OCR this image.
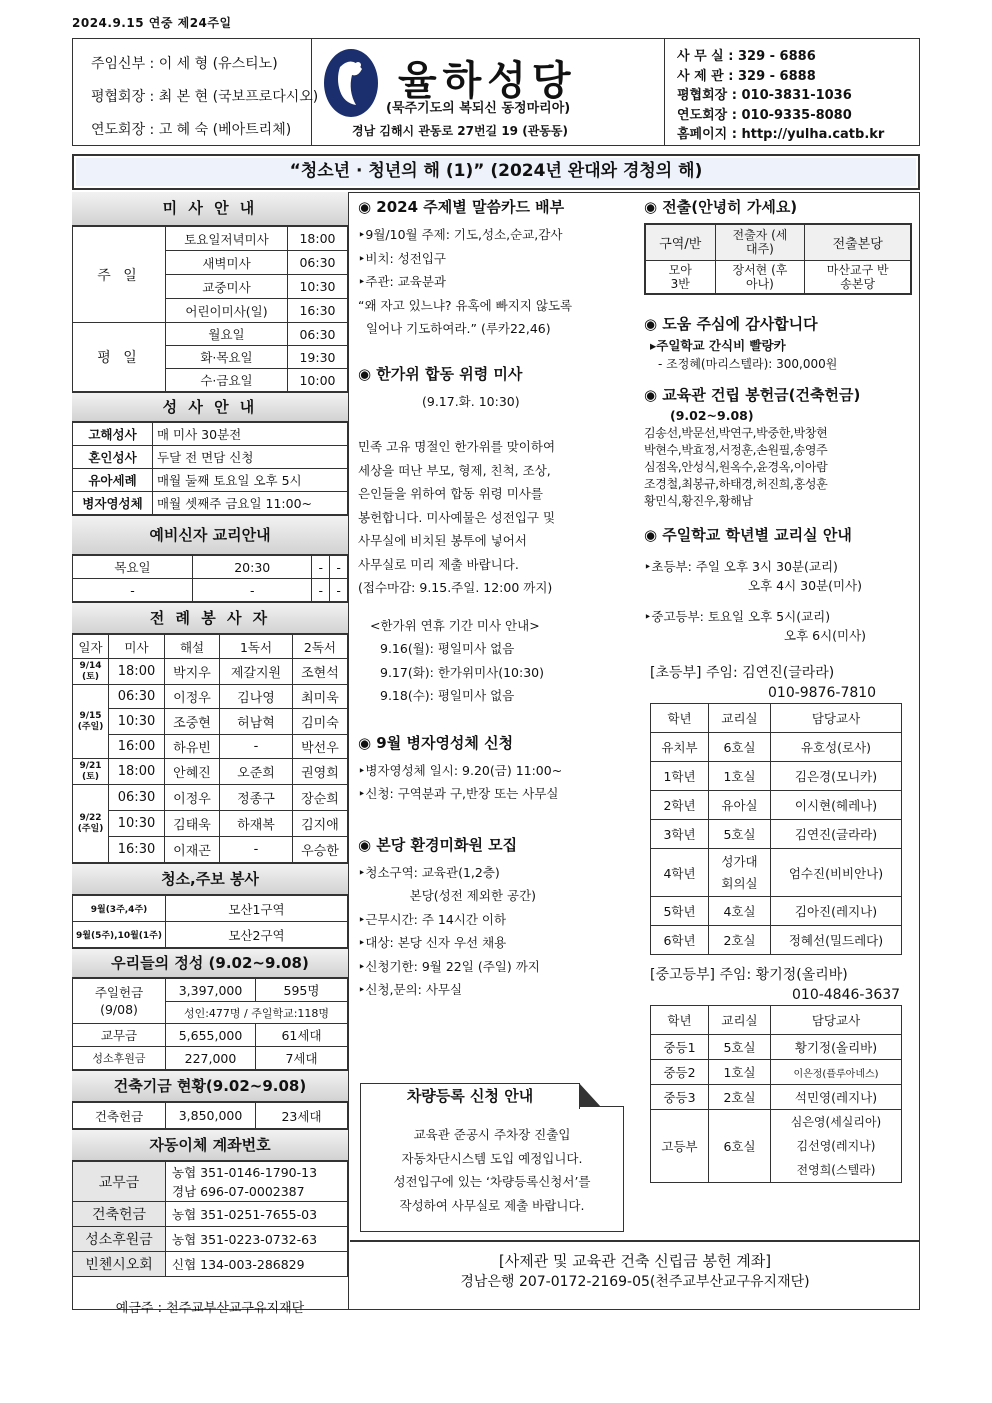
2024.9.15 연중 제24주일
주임신부 : 이 세 형 (유스티노)
평협회장 : 최 본 현 (국보프로다시오)
연도회장 : 고 혜 숙 (베아트리체)
율하성당
(묵주기도의 복되신 동정마리아)
경남 김해시 관동로 27번길 19 (관동동)
사 무 실 : 329 - 6886
사 제 관 : 329 - 6888
평협회장 : 010-3831-1036
연도회장 : 010-9335-8080
홈페이지 : http://yulha.catb.kr
“청소년 · 청년의 해 (1)” (2024년 완대와 경청의 해)
미 사 안 내
주 일	토요일저녁미사	18:00
	새벽미사	06:30
	교중미사	10:30
	어린이미사(일)	16:30
평 일	월요일	06:30
	화·목요일	19:30
	수·금요일	10:00
성 사 안 내
고해성사	매 미사 30분전
혼인성사	두달 전 면담 신청
유아세례	매월 둘째 토요일 오후 5시
병자영성체	매월 셋째주 금요일 11:00~
예비신자 교리안내
목요일	20:30	-	-
-	-	-	-
전 례 봉 사 자
일자	미사	해설	1독서	2독서
9/14 (토)	18:00	박지우	제갈지원	조현석
9/15 (주일)	06:30	이정우	김나영	최미욱
	10:30	조중현	허남혁	김미숙
	16:00	하유빈	-	박선우
9/21 (토)	18:00	안혜진	오준희	권영희
9/22 (주일)	06:30	이정우	정종구	장순희
	10:30	김태욱	하재복	김지애
	16:30	이재곤	-	우승한
청소,주보 봉사
9월(3주,4주)	모산1구역
9월(5주),10월(1주)	모산2구역
우리들의 정성 (9.02~9.08)
주일헌금 (9/08)	3,397,000	595명
	성인:477명 / 주일학교:118명	
교무금	5,655,000	61세대
성소후원금	227,000	7세대
건축기금 현황(9.02~9.08)
건축헌금	3,850,000	23세대
자동이체 계좌번호
교무금	농협 351-0146-1790-13
	경남 696-07-0002387
건축헌금	농협 351-0251-7655-03
성소후원금	농협 351-0223-0732-63
빈첸시오회	신협 134-003-286829
예금주 : 천주교부산교구유지재단
◉ 2024 주제별 말씀카드 배부
‣9월/10월 주제: 기도,성소,순교,감사
‣비치: 성전입구
‣주관: 교육분과
“왜 자고 있느냐? 유혹에 빠지지 않도록
일어나 기도하여라.” (루카22,46)
◉ 한가위 합동 위령 미사
(9.17.화. 10:30)
민족 고유 명절인 한가위를 맞이하여
세상을 떠난 부모, 형제, 친척, 조상,
은인들을 위하여 합동 위령 미사를
봉헌합니다. 미사예물은 성전입구 및
사무실에 비치된 봉투에 넣어서
사무실로 미리 제출 바랍니다.
(접수마감: 9.15.주일. 12:00 까지)
<한가위 연휴 기간 미사 안내>
9.16(월): 평일미사 없음
9.17(화): 한가위미사(10:30)
9.18(수): 평일미사 없음
◉ 9월 병자영성체 신청
‣병자영성체 일시: 9.20(금) 11:00~
‣신청: 구역분과 구,반장 또는 사무실
◉ 본당 환경미화원 모집
‣청소구역: 교육관(1,2층)
본당(성전 제외한 공간)
‣근무시간: 주 14시간 이하
‣대상: 본당 신자 우선 채용
‣신청기한: 9월 22일 (주일) 까지
‣신청,문의: 사무실
차량등록 신청 안내
교육관 준공시 주차장 진출입
자동차단시스템 도입 예정입니다.
성전입구에 있는 ‘차량등록신청서’를
작성하여 사무실로 제출 바랍니다.
◉ 전출(안녕히 가세요)
구역/반	전출자 (세대주)	전출본당
모아 3반	장서현 (후아나)	마산교구 반송본당
◉ 도움 주심에 감사합니다
▸주일학교 간식비 빨랑카
- 조정혜(마리스텔라): 300,000원
◉ 교육관 건립 봉헌금(건축헌금)
(9.02~9.08)
김송선,박문선,박연구,박중한,박창현
박현수,박효정,서정훈,손원필,송영주
심점옥,안성식,원옥수,윤경옥,이아람
조경철,최봉규,하태경,허진희,홍성훈
황민식,황진우,황해남
◉ 주일학교 학년별 교리실 안내
‣초등부: 주일 오후 3시 30분(교리)
오후 4시 30분(미사)
‣중고등부: 토요일 오후 5시(교리)
오후 6시(미사)
[초등부] 주임: 김연진(글라라)
010-9876-7810
학년	교리실	담당교사
유치부	6호실	유호성(로사)
1학년	1호실	김은경(모니카)
2학년	유아실	이시현(헤레나)
3학년	5호실	김연진(글라라)
4학년	성가대 회의실	엄수진(비비안나)
5학년	4호실	김아진(레지나)
6학년	2호실	정혜선(밀드레다)
[중고등부] 주임: 황기정(올리바)
010-4846-3637
학년	교리실	담당교사
중등1	5호실	황기정(올리바)
중등2	1호실	이은정(플루아네스)
중등3	2호실	석민영(레지나)
고등부	6호실	심은영(세실리아)
김선영(레지나)
전영희(스텔라)
[사제관 및 교육관 건축 신립금 봉헌 계좌]
경남은행 207-0172-2169-05(천주교부산교구유지재단)
